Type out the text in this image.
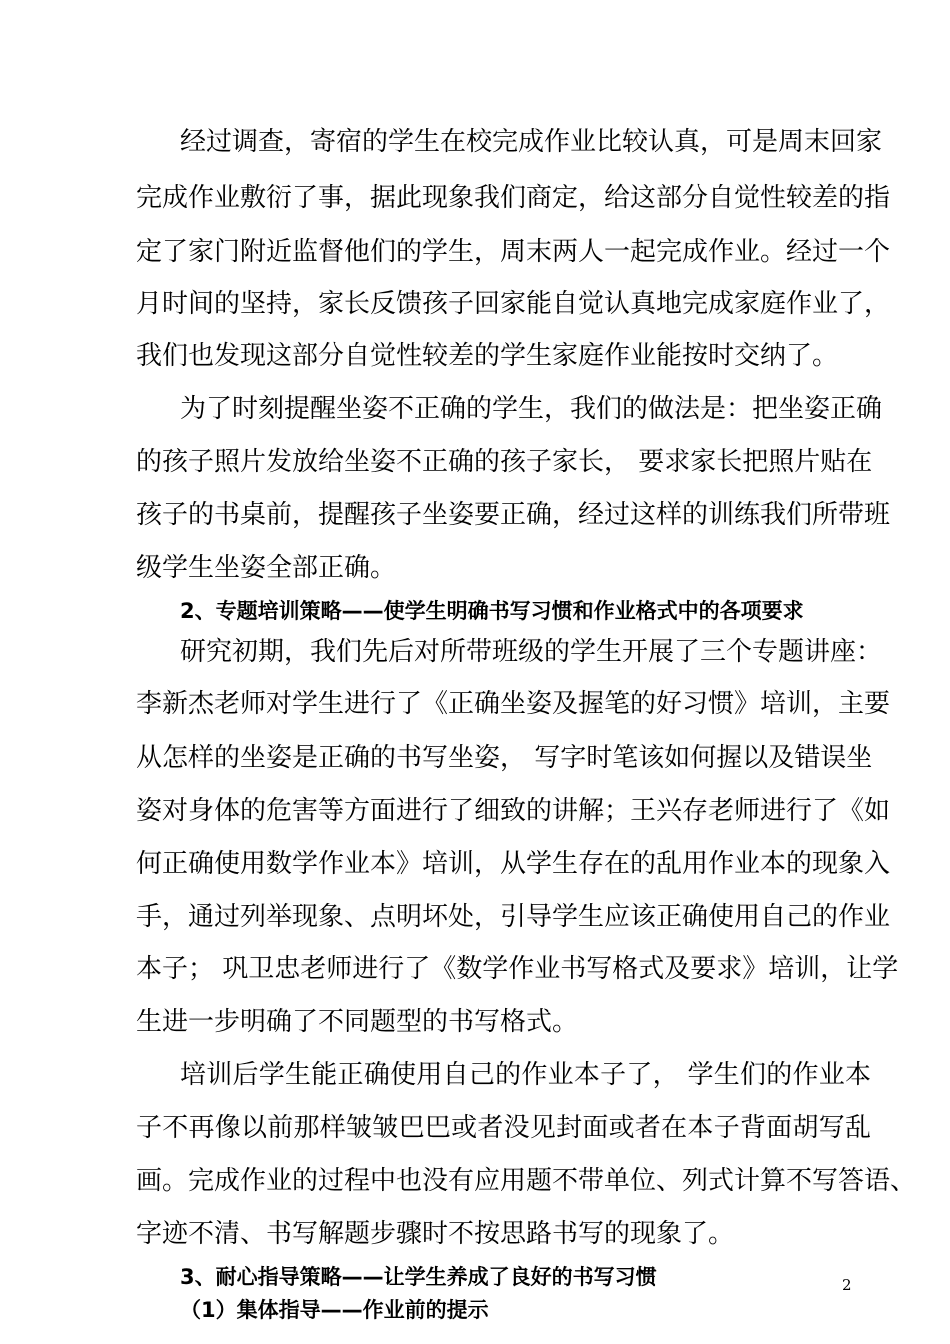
经过调查，寄宿的学生在校完成作业比较认真，可是周末回家
完成作业敷衍了事，据此现象我们商定，给这部分自觉性较差的指
定了家门附近监督他们的学生，周末两人一起完成作业。经过一个
月时间的坚持，家长反馈孩子回家能自觉认真地完成家庭作业了，
我们也发现这部分自觉性较差的学生家庭作业能按时交纳了。
为了时刻提醒坐姿不正确的学生，我们的做法是：把坐姿正确
的孩子照片发放给坐姿不正确的孩子家长， 要求家长把照片贴在
孩子的书桌前，提醒孩子坐姿要正确，经过这样的训练我们所带班
级学生坐姿全部正确。
2、专题培训策略——使学生明确书写习惯和作业格式中的各项要求
研究初期，我们先后对所带班级的学生开展了三个专题讲座：
李新杰老师对学生进行了《正确坐姿及握笔的好习惯》培训，主要
从怎样的坐姿是正确的书写坐姿， 写字时笔该如何握以及错误坐
姿对身体的危害等方面进行了细致的讲解；王兴存老师进行了《如
何正确使用数学作业本》培训，从学生存在的乱用作业本的现象入
手，通过列举现象、点明坏处，引导学生应该正确使用自己的作业
本子； 巩卫忠老师进行了《数学作业书写格式及要求》培训，让学
生进一步明确了不同题型的书写格式。
培训后学生能正确使用自己的作业本子了， 学生们的作业本
子不再像以前那样皱皱巴巴或者没见封面或者在本子背面胡写乱
画。完成作业的过程中也没有应用题不带单位、列式计算不写答语、
字迹不清、书写解题步骤时不按思路书写的现象了。
3、耐心指导策略——让学生养成了良好的书写习惯
（1）集体指导——作业前的提示
2
